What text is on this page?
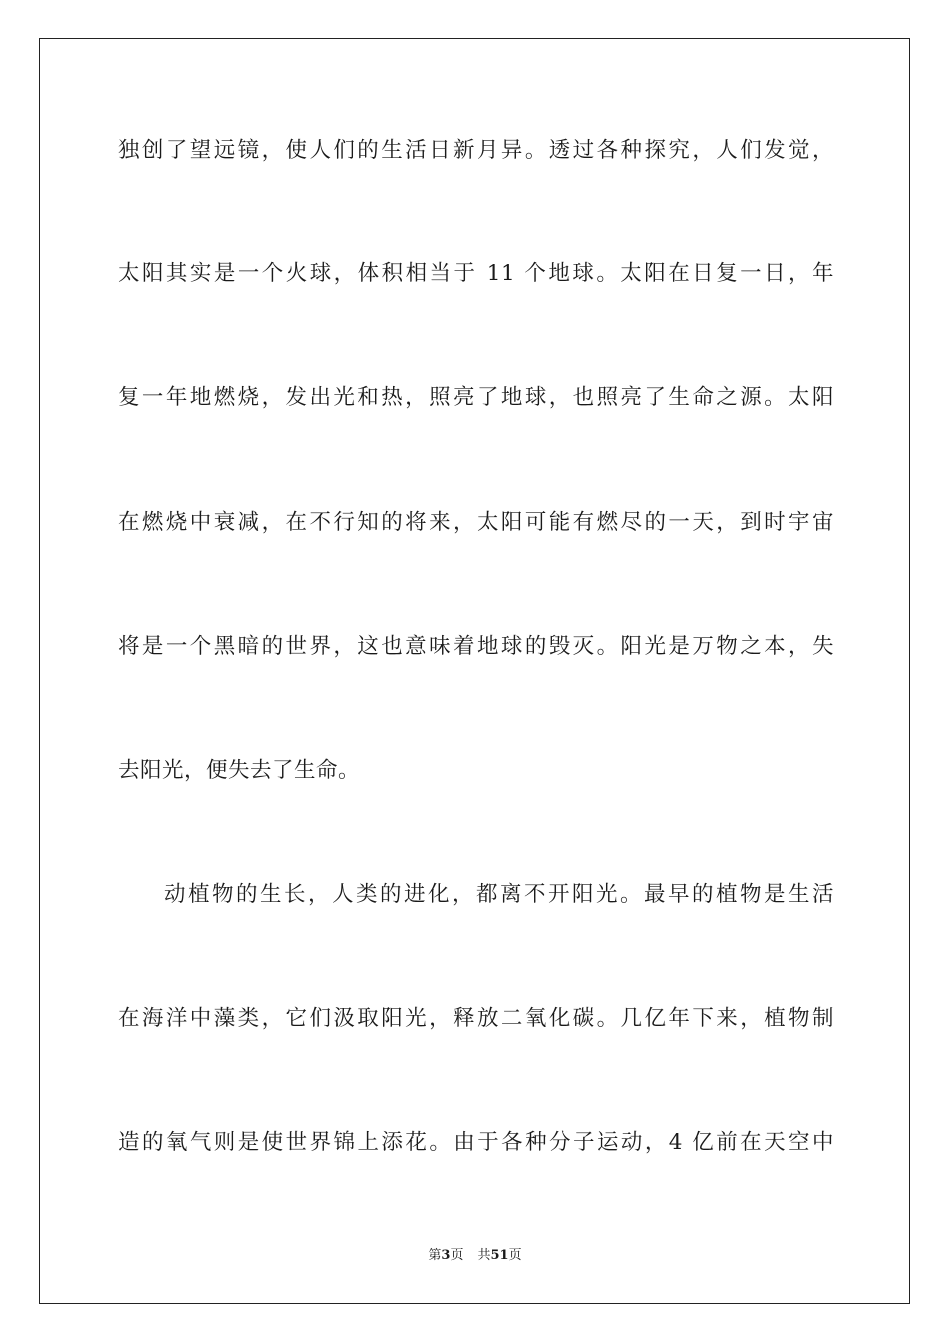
独创了望远镜，使人们的生活日新月异。透过各种探究，人们发觉，
太阳其实是一个火球，体积相当于 11 个地球。太阳在日复一日，年
复一年地燃烧，发出光和热，照亮了地球，也照亮了生命之源。太阳
在燃烧中衰减，在不行知的将来，太阳可能有燃尽的一天，到时宇宙
将是一个黑暗的世界，这也意味着地球的毁灭。阳光是万物之本，失
去阳光，便失去了生命。
动植物的生长，人类的进化，都离不开阳光。最早的植物是生活
在海洋中藻类，它们汲取阳光，释放二氧化碳。几亿年下来，植物制
造的氧气则是使世界锦上添花。由于各种分子运动，4 亿前在天空中
第3页 共51页
